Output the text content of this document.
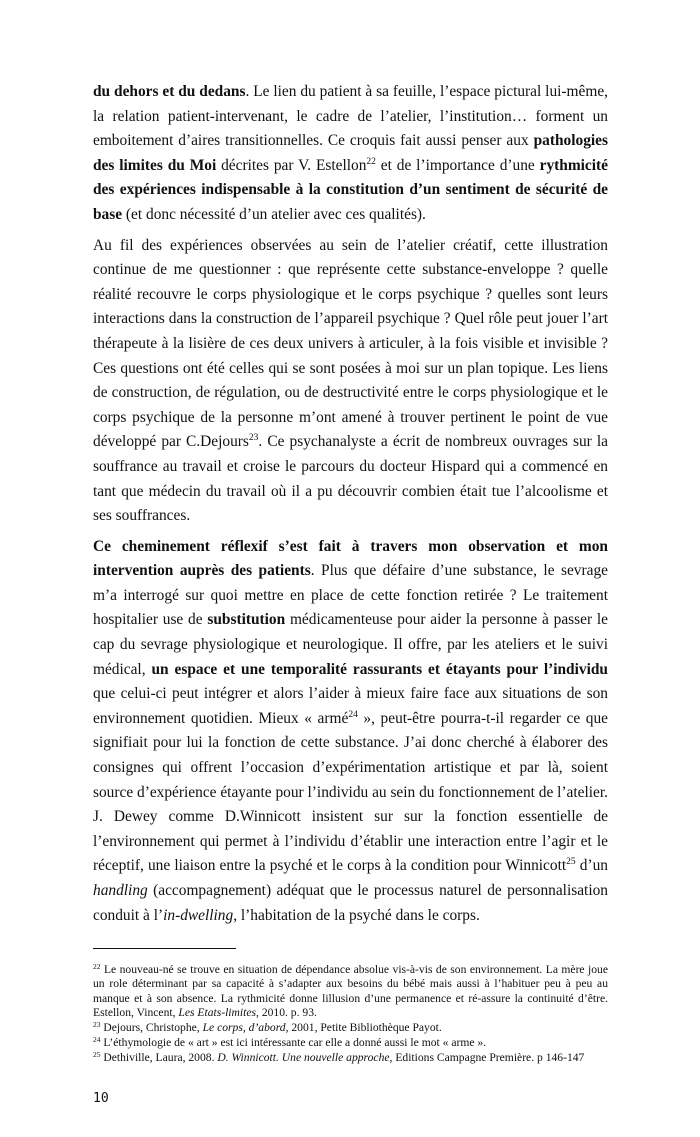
du dehors et du dedans. Le lien du patient à sa feuille, l’espace pictural lui-même, la relation patient-intervenant, le cadre de l’atelier, l’institution… forment un emboitement d’aires transitionnelles. Ce croquis fait aussi penser aux pathologies des limites du Moi décrites par V. Estellon$^{22}$ et de l’importance d’une rythmicité des expériences indispensable à la constitution d’un sentiment de sécurité de base (et donc nécessité d’un atelier avec ces qualités).

Au fil des expériences observées au sein de l’atelier créatif, cette illustration continue de me questionner : que représente cette substance-enveloppe ? quelle réalité recouvre le corps physiologique et le corps psychique ? quelles sont leurs interactions dans la construction de l’appareil psychique ? Quel rôle peut jouer l’art thérapeute à la lisière de ces deux univers à articuler, à la fois visible et invisible ? Ces questions ont été celles qui se sont posées à moi sur un plan topique. Les liens de construction, de régulation, ou de destructivité entre le corps physiologique et le corps psychique de la personne m’ont amené à trouver pertinent le point de vue développé par C.Dejours$^{23}$. Ce psychanalyste a écrit de nombreux ouvrages sur la souffrance au travail et croise le parcours du docteur Hispard qui a commencé en tant que médecin du travail où il a pu découvrir combien était tue l’alcoolisme et ses souffrances.

Ce cheminement réflexif s’est fait à travers mon observation et mon intervention auprès des patients. Plus que défaire d’une substance, le sevrage m’a interrogé sur quoi mettre en place de cette fonction retirée ? Le traitement hospitalier use de substitution médicamenteuse pour aider la personne à passer le cap du sevrage physiologique et neurologique. Il offre, par les ateliers et le suivi médical, un espace et une temporalité rassurants et étayants pour l’individu que celui-ci peut intégrer et alors l’aider à mieux faire face aux situations de son environnement quotidien. Mieux « armé$^{24}$ », peut-être pourra-t-il regarder ce que signifiait pour lui la fonction de cette substance. J’ai donc cherché à élaborer des consignes qui offrent l’occasion d’expérimentation artistique et par là, soient source d’expérience étayante pour l’individu au sein du fonctionnement de l’atelier. J. Dewey comme D.Winnicott insistent sur sur la fonction essentielle de l’environnement qui permet à l’individu d’établir une interaction entre l’agir et le réceptif, une liaison entre la psyché et le corps à la condition pour Winnicott$^{25}$ d’un handling (accompagnement) adéquat que le processus naturel de personnalisation conduit à l’in-dwelling, l’habitation de la psyché dans le corps.

$^{22}$ Le nouveau-né se trouve en situation de dépendance absolue vis-à-vis de son environnement. La mère joue un role déterminant par sa capacité à s’adapter aux besoins du bébé mais aussi à l’habituer peu à peu au manque et à son absence. La rythmicité donne lillusion d’une permanence et ré-assure la continuité d’être. Estellon, Vincent, Les Etats-limites, 2010. p. 93.

$^{23}$ Dejours, Christophe, Le corps, d’abord, 2001, Petite Bibliothèque Payot.

$^{24}$ L’éthymologie de « art » est ici intéressante car elle a donné aussi le mot « arme ».

$^{25}$ Dethiville, Laura, 2008. D. Winnicott. Une nouvelle approche, Editions Campagne Première. p 146-147

10
